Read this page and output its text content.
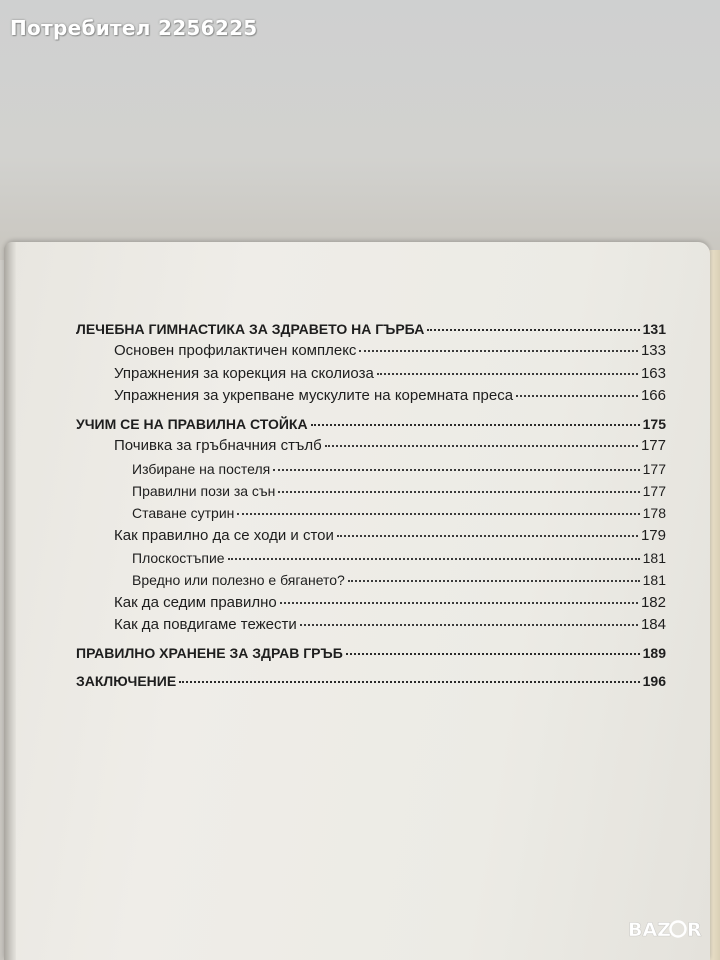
Потребител 2256225
ЛЕЧЕБНА ГИМНАСТИКА ЗА ЗДРАВЕТО НА ГЪРБА	131
Основен профилактичен комплекс	133
Упражнения за корекция на сколиоза	163
Упражнения за укрепване мускулите на коремната преса	166
УЧИМ СЕ НА ПРАВИЛНА СТОЙКА	175
Почивка за гръбначния стълб	177
Избиране на постеля	177
Правилни пози за сън	177
Ставане сутрин	178
Как правилно да се ходи и стои	179
Плоскостъпие	181
Вредно или полезно е бягането?	181
Как да седим правилно	182
Как да повдигаме тежести	184
ПРАВИЛНО ХРАНЕНЕ ЗА ЗДРАВ ГРЪБ	189
ЗАКЛЮЧЕНИЕ	196
BAZ R
